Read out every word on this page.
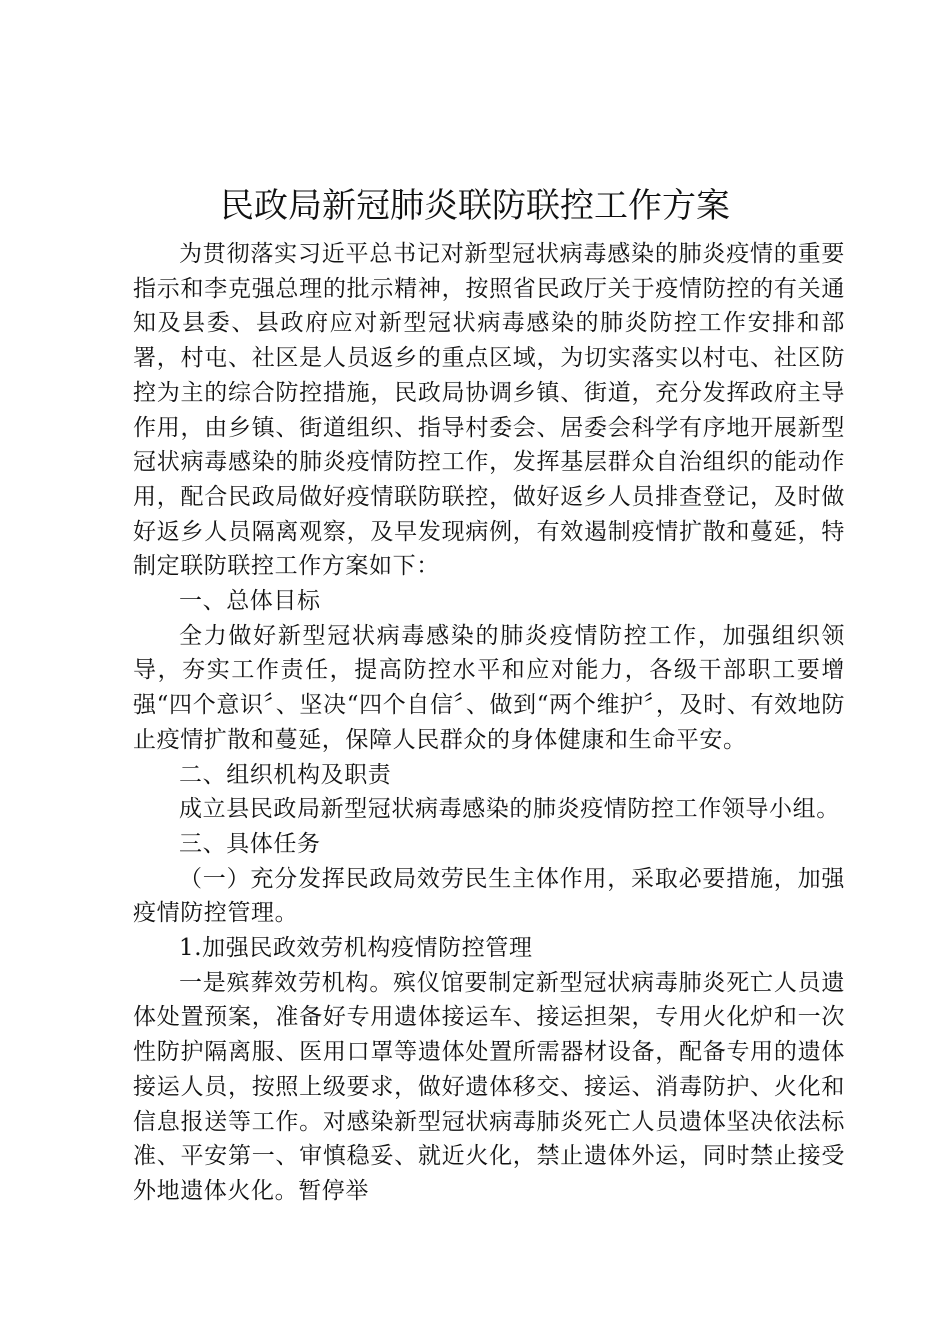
民政局新冠肺炎联防联控工作方案

为贯彻落实习近平总书记对新型冠状病毒感染的肺炎疫情的重要指示和李克强总理的批示精神，按照省民政厅关于疫情防控的有关通知及县委、县政府应对新型冠状病毒感染的肺炎防控工作安排和部署，村屯、社区是人员返乡的重点区域，为切实落实以村屯、社区防控为主的综合防控措施，民政局协调乡镇、街道，充分发挥政府主导作用，由乡镇、街道组织、指导村委会、居委会科学有序地开展新型冠状病毒感染的肺炎疫情防控工作，发挥基层群众自治组织的能动作用，配合民政局做好疫情联防联控，做好返乡人员排查登记，及时做好返乡人员隔离观察，及早发现病例，有效遏制疫情扩散和蔓延，特制定联防联控工作方案如下：

一、总体目标

全力做好新型冠状病毒感染的肺炎疫情防控工作，加强组织领导，夯实工作责任，提高防控水平和应对能力，各级干部职工要增强“四个意识〞、坚决“四个自信〞、做到“两个维护〞，及时、有效地防止疫情扩散和蔓延，保障人民群众的身体健康和生命平安。

二、组织机构及职责

成立县民政局新型冠状病毒感染的肺炎疫情防控工作领导小组。

三、具体任务

（一）充分发挥民政局效劳民生主体作用，采取必要措施，加强疫情防控管理。

1.加强民政效劳机构疫情防控管理

一是殡葬效劳机构。殡仪馆要制定新型冠状病毒肺炎死亡人员遗体处置预案，准备好专用遗体接运车、接运担架，专用火化炉和一次性防护隔离服、医用口罩等遗体处置所需器材设备，配备专用的遗体接运人员，按照上级要求，做好遗体移交、接运、消毒防护、火化和信息报送等工作。对感染新型冠状病毒肺炎死亡人员遗体坚决依法标准、平安第一、审慎稳妥、就近火化，禁止遗体外运，同时禁止接受外地遗体火化。暂停举
